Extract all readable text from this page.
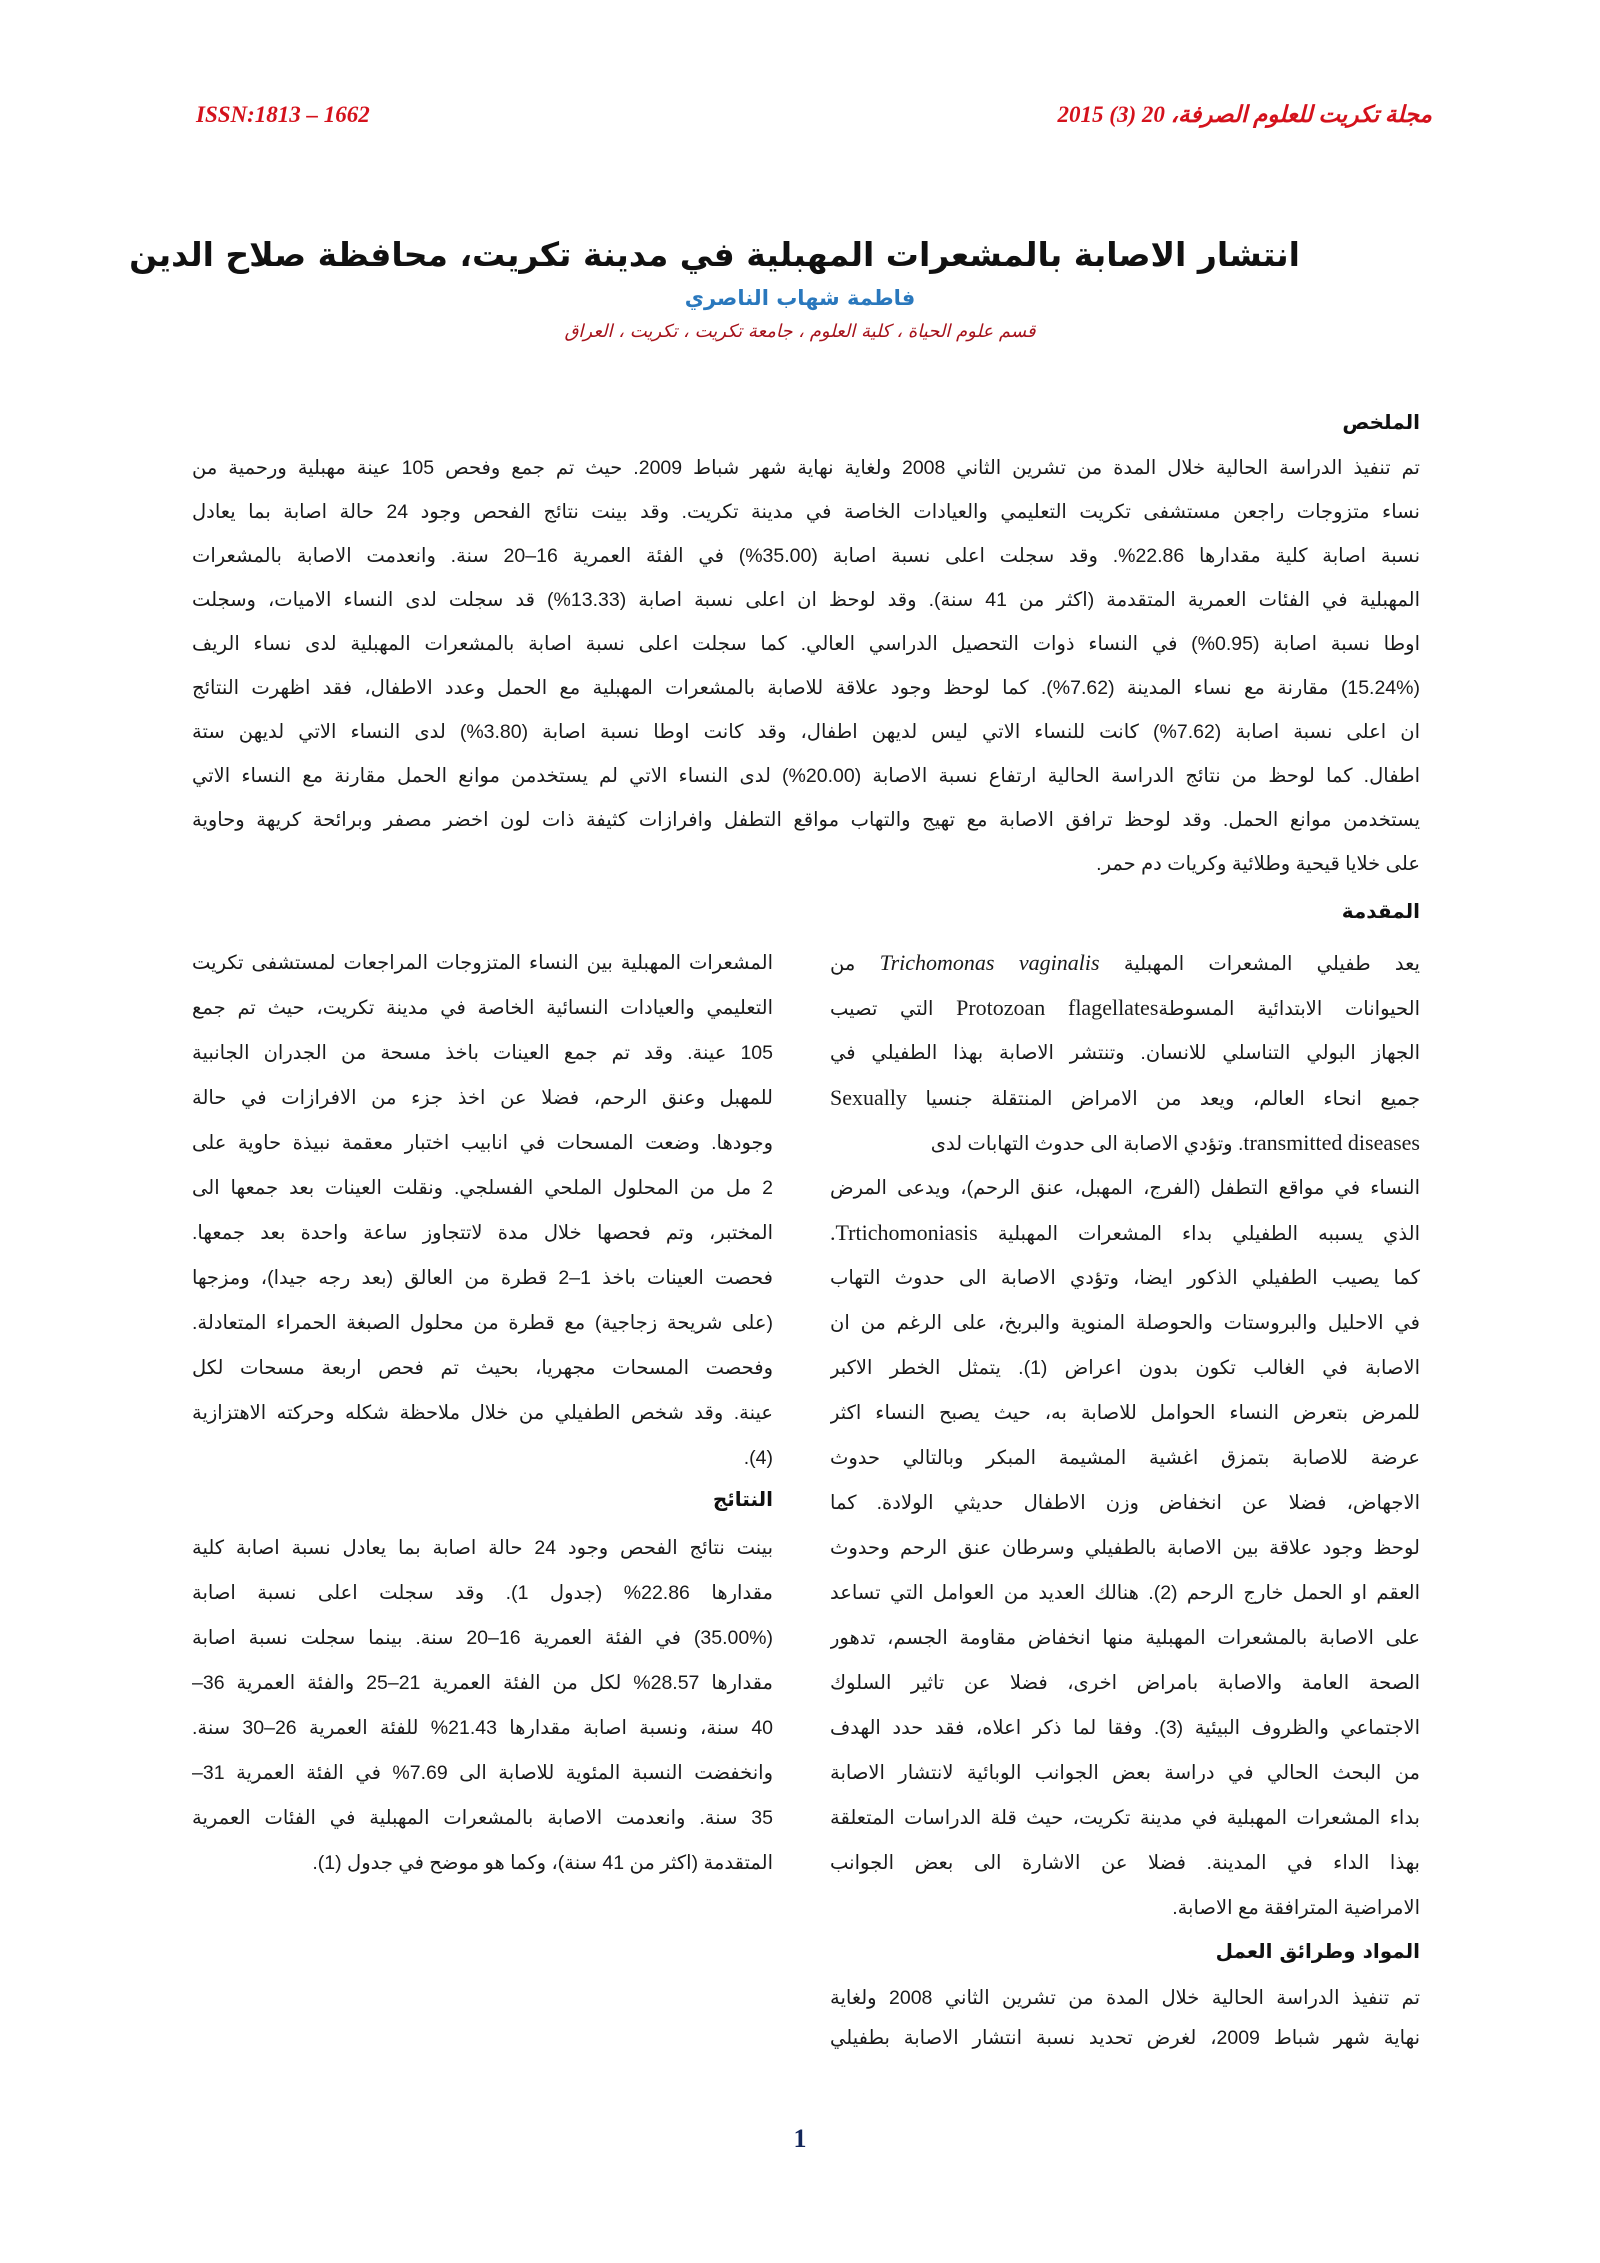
ISSN:1813 – 1662	مجلة تكريت للعلوم الصرفة، 20 (3) 2015
انتشار الاصابة بالمشعرات المهبلية في مدينة تكريت، محافظة صلاح الدين
فاطمة شهاب الناصري
قسم علوم الحياة ، كلية العلوم ، جامعة تكريت ، تكريت ، العراق
الملخص
تم تنفيذ الدراسة الحالية خلال المدة من تشرين الثاني 2008 ولغاية نهاية شهر شباط 2009. حيث تم جمع وفحص 105 عينة مهبلية ورحمية من
نساء متزوجات راجعن مستشفى تكريت التعليمي والعيادات الخاصة في مدينة تكريت. وقد بينت نتائج الفحص وجود 24 حالة اصابة بما يعادل
نسبة اصابة كلية مقدارها 22.86%. وقد سجلت اعلى نسبة اصابة (35.00%) في الفئة العمرية 16–20 سنة. وانعدمت الاصابة بالمشعرات
المهبلية في الفئات العمرية المتقدمة (اكثر من 41 سنة). وقد لوحظ ان اعلى نسبة اصابة (13.33%) قد سجلت لدى النساء الاميات، وسجلت
اوطا نسبة اصابة (0.95%) في النساء ذوات التحصيل الدراسي العالي. كما سجلت اعلى نسبة اصابة بالمشعرات المهبلية لدى نساء الريف
(15.24%) مقارنة مع نساء المدينة (7.62%). كما لوحظ وجود علاقة للاصابة بالمشعرات المهبلية مع الحمل وعدد الاطفال، فقد اظهرت النتائج
ان اعلى نسبة اصابة (7.62%) كانت للنساء الاتي ليس لديهن اطفال، وقد كانت اوطا نسبة اصابة (3.80%) لدى النساء الاتي لديهن ستة
اطفال. كما لوحظ من نتائج الدراسة الحالية ارتفاع نسبة الاصابة (20.00%) لدى النساء الاتي لم يستخدمن موانع الحمل مقارنة مع النساء الاتي
يستخدمن موانع الحمل. وقد لوحظ ترافق الاصابة مع تهيج والتهاب مواقع التطفل وافرازات كثيفة ذات لون اخضر مصفر وبرائحة كريهة وحاوية
على خلايا قيحية وطلائية وكريات دم حمر.
المقدمة
يعد طفيلي المشعرات المهبلية Trichomonas vaginalis من
الحيوانات الابتدائية المسوطةProtozoan flagellates التي تصيب
الجهاز البولي التناسلي للانسان. وتنتشر الاصابة بهذا الطفيلي في
جميع انحاء العالم، ويعد من الامراض المنتقلة جنسيا Sexually
transmitted diseases. وتؤدي الاصابة الى حدوث التهابات لدى
النساء في مواقع التطفل (الفرج، المهبل، عنق الرحم)، ويدعى المرض
الذي يسببه الطفيلي بداء المشعرات المهبلية Trtichomoniasis.
كما يصيب الطفيلي الذكور ايضا، وتؤدي الاصابة الى حدوث التهاب
في الاحليل والبروستات والحوصلة المنوية والبربخ، على الرغم من ان
الاصابة في الغالب تكون بدون اعراض (1). يتمثل الخطر الاكبر
للمرض بتعرض النساء الحوامل للاصابة به، حيث يصبح النساء اكثر
عرضة للاصابة بتمزق اغشية المشيمة المبكر وبالتالي حدوث
الاجهاض، فضلا عن انخفاض وزن الاطفال حديثي الولادة. كما
لوحظ وجود علاقة بين الاصابة بالطفيلي وسرطان عنق الرحم وحدوث
العقم او الحمل خارج الرحم (2). هنالك العديد من العوامل التي تساعد
على الاصابة بالمشعرات المهبلية منها انخفاض مقاومة الجسم، تدهور
الصحة العامة والاصابة بامراض اخرى، فضلا عن تاثير السلوك
الاجتماعي والظروف البيئية (3). وفقا لما ذكر اعلاه، فقد حدد الهدف
من البحث الحالي في دراسة بعض الجوانب الوبائية لانتشار الاصابة
بداء المشعرات المهبلية في مدينة تكريت، حيث قلة الدراسات المتعلقة
بهذا الداء في المدينة. فضلا عن الاشارة الى بعض الجوانب
الامراضية المترافقة مع الاصابة.
المواد وطرائق العمل
تم تنفيذ الدراسة الحالية خلال المدة من تشرين الثاني 2008 ولغاية
نهاية شهر شباط 2009، لغرض تحديد نسبة انتشار الاصابة بطفيلي
المشعرات المهبلية بين النساء المتزوجات المراجعات لمستشفى تكريت
التعليمي والعيادات النسائية الخاصة في مدينة تكريت، حيث تم جمع
105 عينة. وقد تم جمع العينات باخذ مسحة من الجدران الجانبية
للمهبل وعنق الرحم، فضلا عن اخذ جزء من الافرازات في حالة
وجودها. وضعت المسحات في انابيب اختبار معقمة نبيذة حاوية على
2 مل من المحلول الملحي الفسلجي. ونقلت العينات بعد جمعها الى
المختبر، وتم فحصها خلال مدة لاتتجاوز ساعة واحدة بعد جمعها.
فحصت العينات باخذ 1–2 قطرة من العالق (بعد رجه جيدا)، ومزجها
(على شريحة زجاجية) مع قطرة من محلول الصبغة الحمراء المتعادلة.
وفحصت المسحات مجهريا، بحيث تم فحص اربعة مسحات لكل
عينة. وقد شخص الطفيلي من خلال ملاحظة شكله وحركته الاهتزازية
(4).
النتائج
بينت نتائج الفحص وجود 24 حالة اصابة بما يعادل نسبة اصابة كلية
مقدارها 22.86% (جدول 1). وقد سجلت اعلى نسبة اصابة
(35.00%) في الفئة العمرية 16–20 سنة. بينما سجلت نسبة اصابة
مقدارها 28.57% لكل من الفئة العمرية 21–25 والفئة العمرية 36–
40 سنة، ونسبة اصابة مقدارها 21.43% للفئة العمرية 26–30 سنة.
وانخفضت النسبة المئوية للاصابة الى 7.69% في الفئة العمرية 31–
35 سنة. وانعدمت الاصابة بالمشعرات المهبلية في الفئات العمرية
المتقدمة (اكثر من 41 سنة)، وكما هو موضح في جدول (1).
1
